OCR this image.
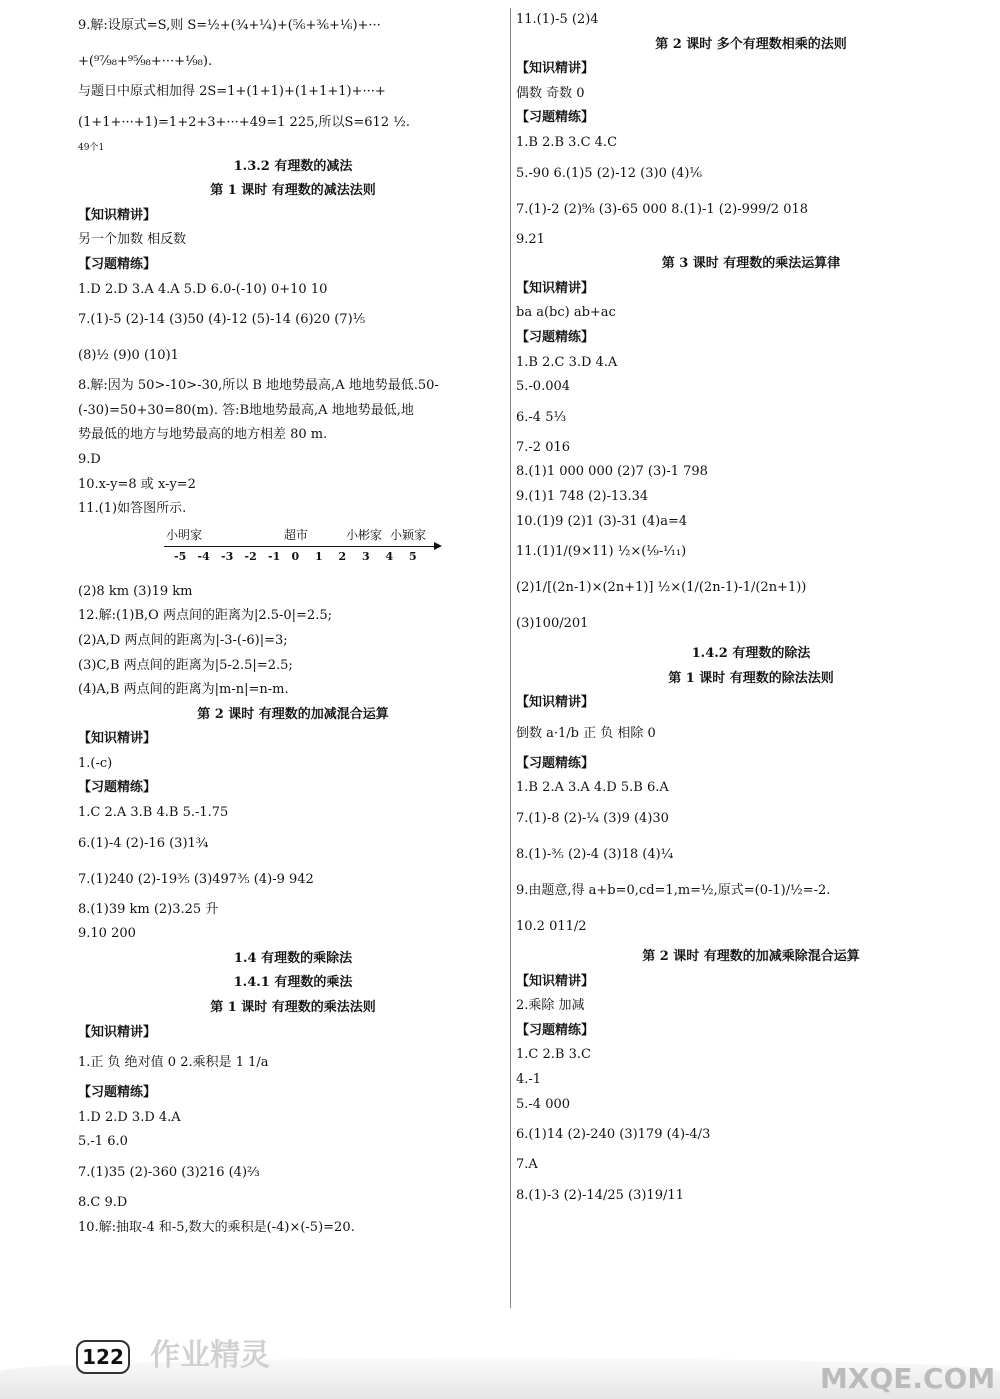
9.解:设原式=S,则 S=½+(¾+¼)+(⁵⁄₆+³⁄₆+¹⁄₆)+···
+(⁹⁷⁄₉₈+⁹⁵⁄₉₈+···+¹⁄₉₈).
与题日中原式相加得 2S=1+(1+1)+(1+1+1)+···+
(1+1+···+1)=1+2+3+···+49=1 225,所以S=612 ½.
49个1
1.3.2 有理数的减法
第 1 课时 有理数的减法法则
【知识精讲】
另一个加数 相反数
【习题精练】
1.D 2.D 3.A 4.A 5.D 6.0-(-10) 0+10 10
7.(1)-5 (2)-14 (3)50 (4)-12 (5)-14 (6)20 (7)⅕
(8)½ (9)0 (10)1
8.解:因为 50>-10>-30,所以 B 地地势最高,A 地地势最低.50-
(-30)=50+30=80(m). 答:B地地势最高,A 地地势最低,地
势最低的地方与地势最高的地方相差 80 m.
9.D
10.x-y=8 或 x-y=2
11.(1)如答图所示.
小明家	超市	小彬家 小颖家
-5 -4 -3 -2 -1 0 1 2 3 4 5
(2)8 km (3)19 km
12.解:(1)B,O 两点间的距离为|2.5-0|=2.5;
(2)A,D 两点间的距离为|-3-(-6)|=3;
(3)C,B 两点间的距离为|5-2.5|=2.5;
(4)A,B 两点间的距离为|m-n|=n-m.
第 2 课时 有理数的加减混合运算
【知识精讲】
1.(-c)
【习题精练】
1.C 2.A 3.B 4.B 5.-1.75
6.(1)-4 (2)-16 (3)1¾
7.(1)240 (2)-19⅗ (3)497⅗ (4)-9 942
8.(1)39 km (2)3.25 升
9.10 200
1.4 有理数的乘除法
1.4.1 有理数的乘法
第 1 课时 有理数的乘法法则
【知识精讲】
1.正 负 绝对值 0 2.乘积是 1 1/a
【习题精练】
1.D 2.D 3.D 4.A
5.-1 6.0
7.(1)35 (2)-360 (3)216 (4)⅔
8.C 9.D
10.解:抽取-4 和-5,数大的乘积是(-4)×(-5)=20.
11.(1)-5 (2)4
第 2 课时 多个有理数相乘的法则
【知识精讲】
偶数 奇数 0
【习题精练】
1.B 2.B 3.C 4.C
5.-90 6.(1)5 (2)-12 (3)0 (4)⅙
7.(1)-2 (2)⁹⁄₈ (3)-65 000 8.(1)-1 (2)-999/2 018
9.21
第 3 课时 有理数的乘法运算律
【知识精讲】
ba a(bc) ab+ac
【习题精练】
1.B 2.C 3.D 4.A
5.-0.004
6.-4 5⅓
7.-2 016
8.(1)1 000 000 (2)7 (3)-1 798
9.(1)1 748 (2)-13.34
10.(1)9 (2)1 (3)-31 (4)a=4
11.(1)1/(9×11) ½×(⅑-¹⁄₁₁)
(2)1/[(2n-1)×(2n+1)] ½×(1/(2n-1)-1/(2n+1))
(3)100/201
1.4.2 有理数的除法
第 1 课时 有理数的除法法则
【知识精讲】
倒数 a·1/b 正 负 相除 0
【习题精练】
1.B 2.A 3.A 4.D 5.B 6.A
7.(1)-8 (2)-¼ (3)9 (4)30
8.(1)-⅗ (2)-4 (3)18 (4)¼
9.由题意,得 a+b=0,cd=1,m=½,原式=(0-1)/½=-2.
10.2 011/2
第 2 课时 有理数的加减乘除混合运算
【知识精讲】
2.乘除 加减
【习题精练】
1.C 2.B 3.C
4.-1
5.-4 000
6.(1)14 (2)-240 (3)179 (4)-4/3
7.A
8.(1)-3 (2)-14/25 (3)19/11
122 作业精灵
MXQE.COM
